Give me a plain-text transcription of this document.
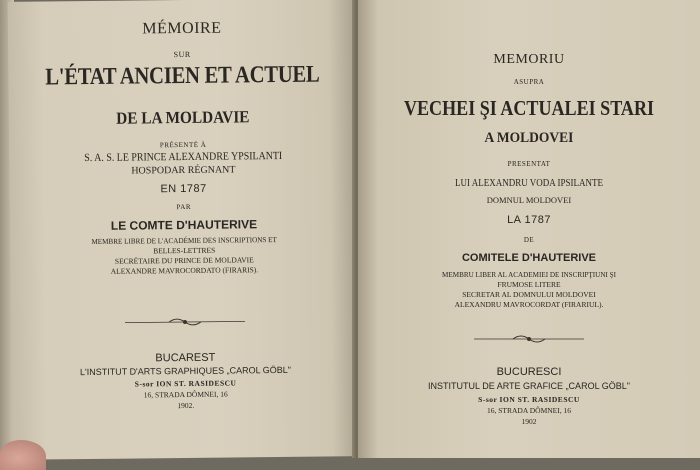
MÉMOIRE
SUR
L'ÉTAT ANCIEN ET ACTUEL
DE LA MOLDAVIE
PRÉSENTÉ À
S. A. S. LE PRINCE ALEXANDRE YPSILANTI
HOSPODAR RÉGNANT
EN 1787
PAR
LE COMTE D'HAUTERIVE
MEMBRE LIBRE DE L'ACADÉMIE DES INSCRIPTIONS ET
BELLES-LETTRES
SECRÉTAIRE DU PRINCE DE MOLDAVIE
ALEXANDRE MAVROCORDATO (FIRARIS).
BUCAREST
L'INSTITUT D'ARTS GRAPHIQUES „CAROL GÖBL"
S-sor ION ST. RASIDESCU
16, STRADA DÔMNEI, 16
1902.
MEMORIU
ASUPRA
VECHEI ŞI ACTUALEI STARI
A MOLDOVEI
PRESENTAT
LUI ALEXANDRU VODA IPSILANTE
DOMNUL MOLDOVEI
LA 1787
DE
COMITELE D'HAUTERIVE
MEMBRU LIBER AL ACADEMIEI DE INSCRIPŢIUNI ŞI
FRUMOSE LITERE
SECRETAR AL DOMNULUI MOLDOVEI
ALEXANDRU MAVROCORDAT (FIRARIUL).
BUCURESCI
INSTITUTUL DE ARTE GRAFICE „CAROL GÖBL"
S-sor ION ST. RASIDESCU
16, STRADA DÔMNEI, 16
1902
